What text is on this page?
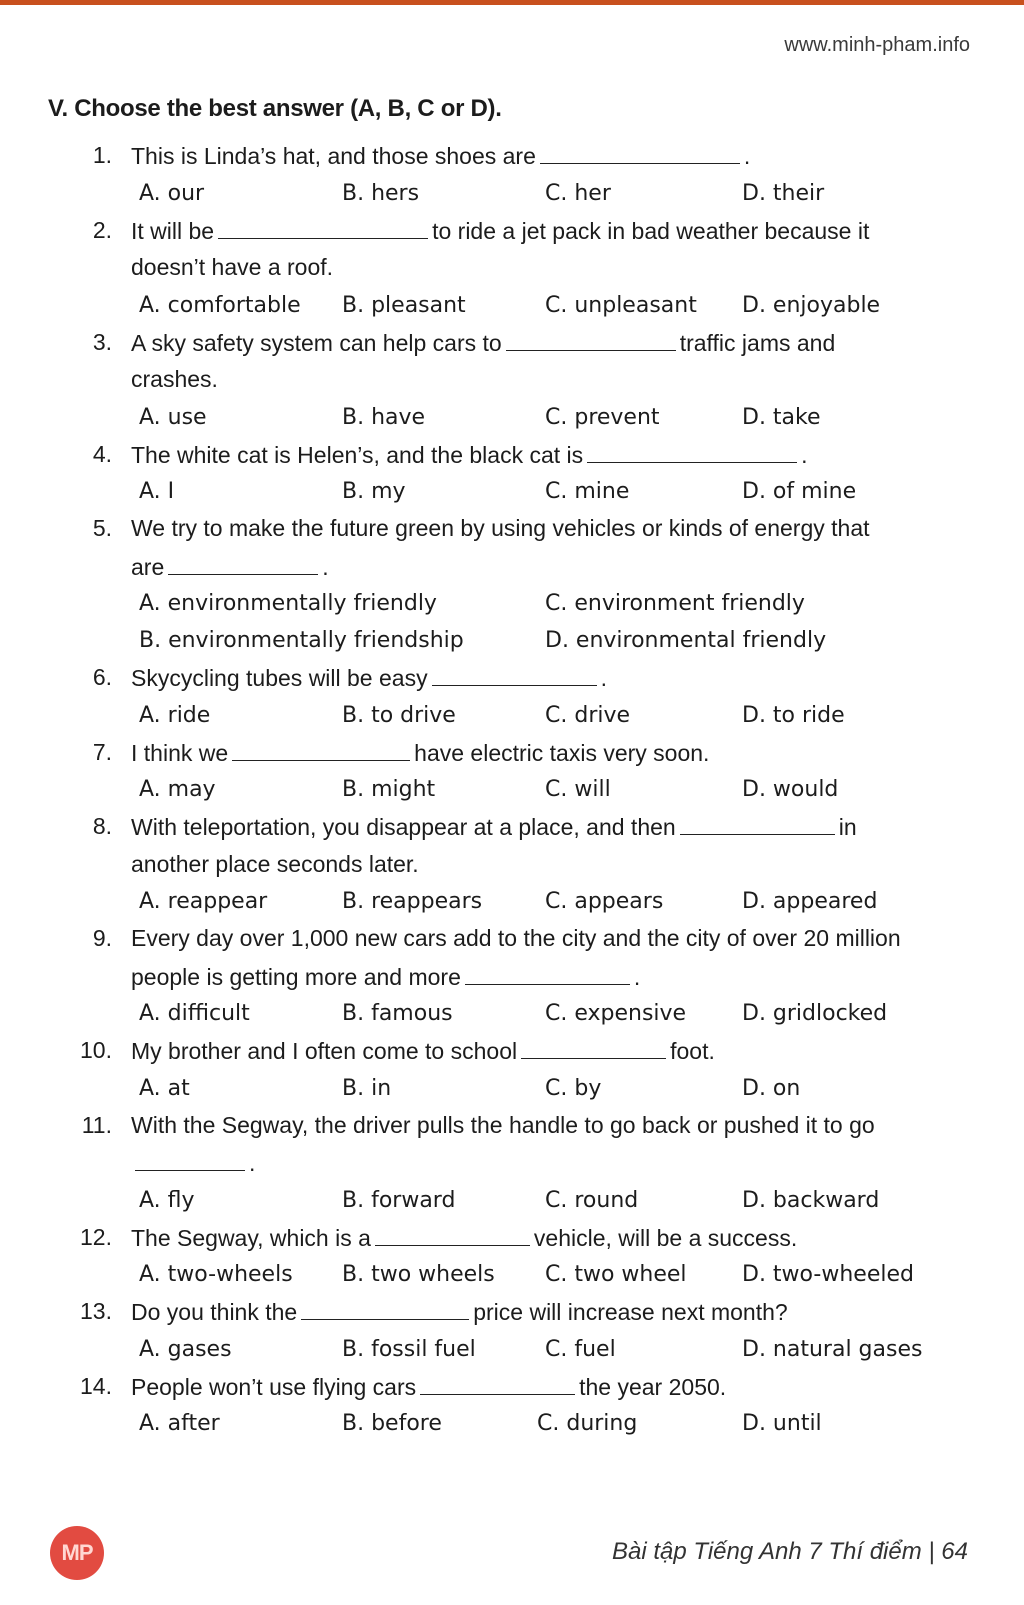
www.minh-pham.info
V. Choose the best answer (A, B, C or D).
1. This is Linda’s hat, and those shoes are	.
A. our	B. hers	C. her	D. their
2. It will be	to ride a jet pack in bad weather because it
doesn’t have a roof.
A. comfortable B. pleasant	C. unpleasant D. enjoyable
3. A sky safety system can help cars to	traffic jams and
crashes.
A. use	B. have	C. prevent	D. take
4. The white cat is Helen’s, and the black cat is	.
A. I	B. my	C. mine	D. of mine
5. We try to make the future green by using vehicles or kinds of energy that
are	.
A. environmentally friendly	C. environment friendly
B. environmentally friendship	D. environmental friendly
6. Skycycling tubes will be easy	.
A. ride	B. to drive	C. drive	D. to ride
7. I think we	have electric taxis very soon.
A. may	B. might	C. will	D. would
8. With teleportation, you disappear at a place, and then	in
another place seconds later.
A. reappear	B. reappears	C. appears	D. appeared
9. Every day over 1,000 new cars add to the city and the city of over 20 million
people is getting more and more	.
A. difficult	B. famous	C. expensive	D. gridlocked
10. My brother and I often come to school	foot.
A. at	B. in	C. by	D. on
11. With the Segway, the driver pulls the handle to go back or pushed it to go
.
A. fly	B. forward	C. round	D. backward
12. The Segway, which is a	vehicle, will be a success.
A. two-wheels B. two wheels C. two wheel	D. two-wheeled
13. Do you think the	price will increase next month?
A. gases	B. fossil fuel	C. fuel	D. natural gases
14. People won’t use flying cars	the year 2050.
A. after	B. before	C. during	D. until
MP	Bài tập Tiếng Anh 7 Thí điểm | 64
